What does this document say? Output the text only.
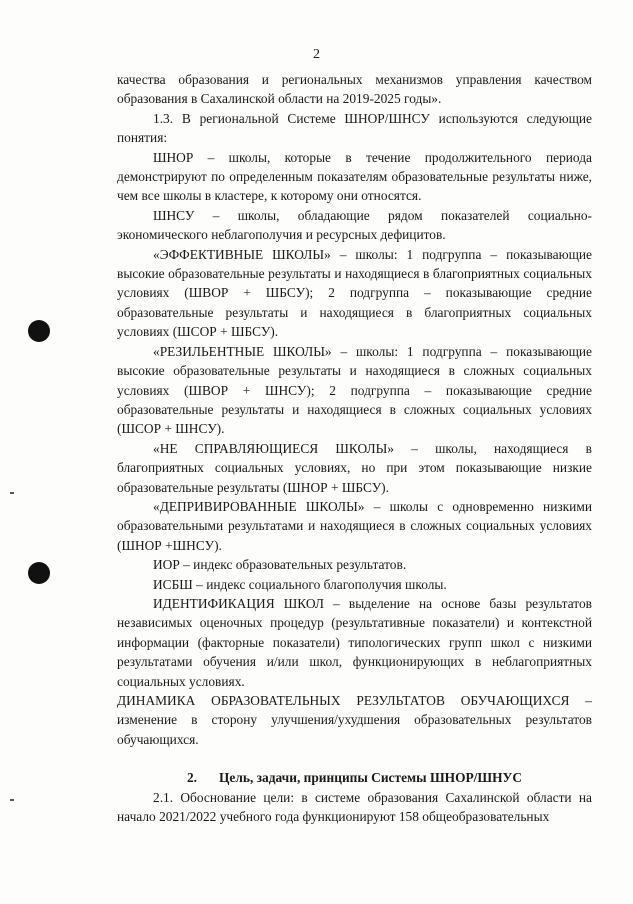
2

качества образования и региональных механизмов управления качеством образования в Сахалинской области на 2019-2025 годы».

1.3. В региональной Системе ШНОР/ШНСУ используются следующие понятия:

ШНОР – школы, которые в течение продолжительного периода демонстрируют по определенным показателям образовательные результаты ниже, чем все школы в кластере, к которому они относятся.

ШНСУ – школы, обладающие рядом показателей социально-экономического неблагополучия и ресурсных дефицитов.

«ЭФФЕКТИВНЫЕ ШКОЛЫ» – школы: 1 подгруппа – показывающие высокие образовательные результаты и находящиеся в благоприятных социальных условиях (ШВОР + ШБСУ); 2 подгруппа – показывающие средние образовательные результаты и находящиеся в благоприятных социальных условиях (ШСОР + ШБСУ).

«РЕЗИЛЬЕНТНЫЕ ШКОЛЫ» – школы: 1 подгруппа – показывающие высокие образовательные результаты и находящиеся в сложных социальных условиях (ШВОР + ШНСУ); 2 подгруппа – показывающие средние образовательные результаты и находящиеся в сложных социальных условиях (ШСОР + ШНСУ).

«НЕ СПРАВЛЯЮЩИЕСЯ ШКОЛЫ» – школы, находящиеся в благоприятных социальных условиях, но при этом показывающие низкие образовательные результаты (ШНОР + ШБСУ).

«ДЕПРИВИРОВАННЫЕ ШКОЛЫ» – школы с одновременно низкими образовательными результатами и находящиеся в сложных социальных условиях (ШНОР +ШНСУ).

ИОР – индекс образовательных результатов.

ИСБШ – индекс социального благополучия школы.

ИДЕНТИФИКАЦИЯ ШКОЛ – выделение на основе базы результатов независимых оценочных процедур (результативные показатели) и контекстной информации (факторные показатели) типологических групп школ с низкими результатами обучения и/или школ, функционирующих в неблагоприятных социальных условиях.

ДИНАМИКА ОБРАЗОВАТЕЛЬНЫХ РЕЗУЛЬТАТОВ ОБУЧАЮЩИХСЯ – изменение в сторону улучшения/ухудшения образовательных результатов обучающихся.

2. Цель, задачи, принципы Системы ШНОР/ШНУС

2.1. Обоснование цели: в системе образования Сахалинской области на начало 2021/2022 учебного года функционируют 158 общеобразовательных
